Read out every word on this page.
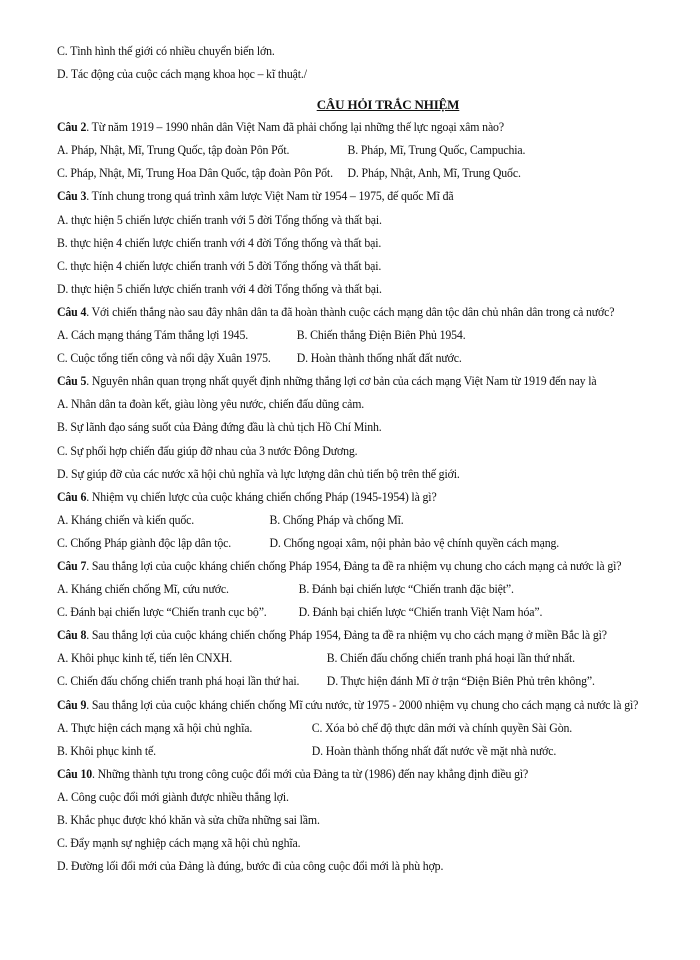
C. Tình hình thế giới có nhiều chuyển biến lớn.
D. Tác động của cuộc cách mạng khoa học – kĩ thuật./
CÂU HỎI TRẮC NHIỆM
Câu 2. Từ năm 1919 – 1990 nhân dân Việt Nam đã phải chống lại những thế lực ngoại xâm nào?
A. Pháp, Nhật, Mĩ, Trung Quốc, tập đoàn Pôn Pốt.	B. Pháp, Mĩ, Trung Quốc, Campuchia.
C. Pháp, Nhật, Mĩ, Trung Hoa Dân Quốc, tập đoàn Pôn Pốt.	D. Pháp, Nhật, Anh, Mĩ, Trung Quốc.
Câu 3. Tính chung trong quá trình xâm lược Việt Nam từ 1954 – 1975, đế quốc Mĩ đã
A. thực hiện 5 chiến lược chiến tranh với 5 đời Tổng thống và thất bại.
B. thực hiện 4 chiến lược chiến tranh với 4 đời Tổng thống và thất bại.
C. thực hiện 4 chiến lược chiến tranh với 5 đời Tổng thống và thất bại.
D. thực hiện 5 chiến lược chiến tranh với 4 đời Tổng thống và thất bại.
Câu 4. Với chiến thắng nào sau đây nhân dân ta đã hoàn thành cuộc cách mạng dân tộc dân chủ nhân dân trong cả nước?
A. Cách mạng tháng Tám thắng lợi 1945.	B. Chiến thắng Điện Biên Phủ 1954.
C. Cuộc tổng tiến công và nổi dậy Xuân 1975.	D. Hoàn thành thống nhất đất nước.
Câu 5. Nguyên nhân quan trọng nhất quyết định những thắng lợi cơ bản của cách mạng Việt Nam từ 1919 đến nay là
A. Nhân dân ta đoàn kết, giàu lòng yêu nước, chiến đấu dũng cảm.
B. Sự lãnh đạo sáng suốt của Đảng đứng đầu là chủ tịch Hồ Chí Minh.
C. Sự phối hợp chiến đấu giúp đỡ nhau của 3 nước Đông Dương.
D. Sự giúp đỡ của các nước xã hội chủ nghĩa và lực lượng dân chủ tiến bộ trên thế giới.
Câu 6. Nhiệm vụ chiến lược của cuộc kháng chiến chống Pháp (1945-1954) là gì?
A. Kháng chiến và kiến quốc.	B. Chống Pháp và chống Mĩ.
C. Chống Pháp giành độc lập dân tộc.	D. Chống ngoại xâm, nội phản bảo vệ chính quyền cách mạng.
Câu 7. Sau thắng lợi của cuộc kháng chiến chống Pháp 1954, Đảng ta đề ra nhiệm vụ chung cho cách mạng cả nước là gì?
A. Kháng chiến chống Mĩ, cứu nước.	B. Đánh bại chiến lược “Chiến tranh đặc biệt”.
C. Đánh bại chiến lược “Chiến tranh cục bộ”.	D. Đánh bại chiến lược “Chiến tranh Việt Nam hóa”.
Câu 8. Sau thắng lợi của cuộc kháng chiến chống Pháp 1954, Đảng ta đề ra nhiệm vụ cho cách mạng ở miền Bắc là gì?
A. Khôi phục kinh tế, tiến lên CNXH.	B. Chiến đấu chống chiến tranh phá hoại lần thứ nhất.
C. Chiến đấu chống chiến tranh phá hoại lần thứ hai.	D. Thực hiện đánh Mĩ ở trận “Điện Biên Phủ trên không”.
Câu 9. Sau thắng lợi của cuộc kháng chiến chống Mĩ cứu nước, từ 1975 - 2000 nhiệm vụ chung cho cách mạng cả nước là gì?
A. Thực hiện cách mạng xã hội chủ nghĩa.	C. Xóa bỏ chế độ thực dân mới và chính quyền Sài Gòn.
B. Khôi phục kinh tế.	D. Hoàn thành thống nhất đất nước về mặt nhà nước.
Câu 10. Những thành tựu trong công cuộc đổi mới của Đảng ta từ (1986) đến nay khẳng định điều gì?
A. Công cuộc đổi mới giành được nhiều thắng lợi.
B. Khắc phục được khó khăn và sửa chữa những sai lầm.
C. Đẩy mạnh sự nghiệp cách mạng xã hội chủ nghĩa.
D. Đường lối đổi mới của Đảng là đúng, bước đi của công cuộc đổi mới là phù hợp.
